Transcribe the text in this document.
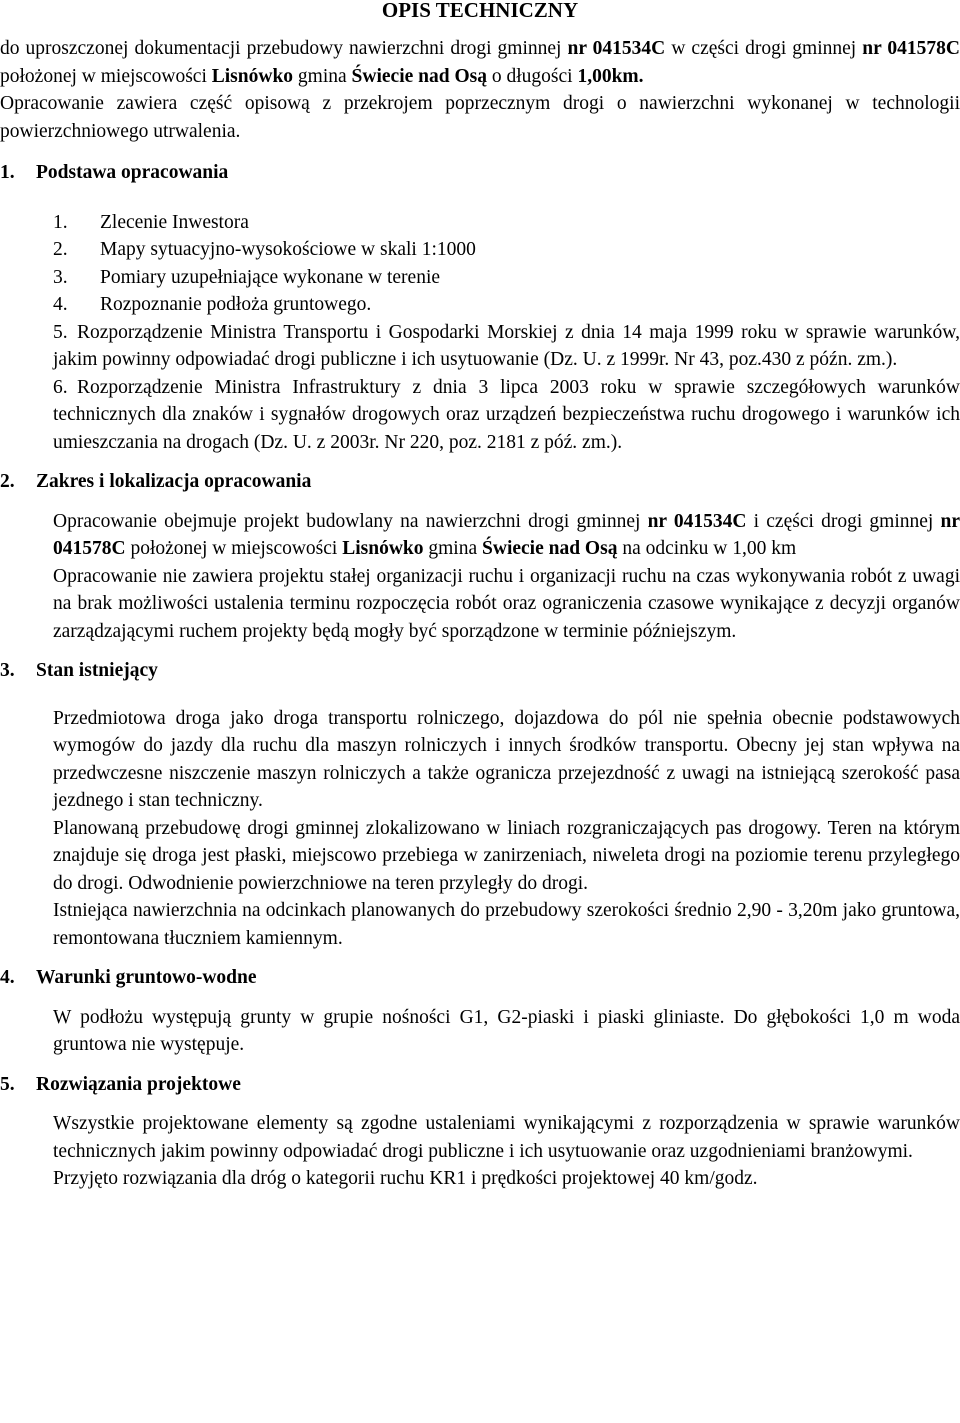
OPIS TECHNICZNY

do uproszczonej dokumentacji przebudowy nawierzchni drogi gminnej nr 041534C w części drogi gminnej nr 041578C położonej w miejscowości Lisnówko gmina Świecie nad Osą o długości 1,00km.

Opracowanie zawiera część opisową z przekrojem poprzecznym drogi o nawierzchni wykonanej w technologii powierzchniowego utrwalenia.

1. Podstawa opracowania

1. Zlecenie Inwestora
2. Mapy sytuacyjno-wysokościowe w skali 1:1000
3. Pomiary uzupełniające wykonane w terenie
4. Rozpoznanie podłoża gruntowego.
5. Rozporządzenie Ministra Transportu i Gospodarki Morskiej z dnia 14 maja 1999 roku w sprawie warunków, jakim powinny odpowiadać drogi publiczne i ich usytuowanie (Dz. U. z 1999r. Nr 43, poz.430 z późn. zm.).
6. Rozporządzenie Ministra Infrastruktury z dnia 3 lipca 2003 roku w sprawie szczegółowych warunków technicznych dla znaków i sygnałów drogowych oraz urządzeń bezpieczeństwa ruchu drogowego i warunków ich umieszczania na drogach (Dz. U. z 2003r. Nr 220, poz. 2181 z póź. zm.).

2. Zakres i lokalizacja opracowania

Opracowanie obejmuje projekt budowlany na nawierzchni drogi gminnej nr 041534C i części drogi gminnej nr 041578C położonej w miejscowości Lisnówko gmina Świecie nad Osą na odcinku w 1,00 km

Opracowanie nie zawiera projektu stałej organizacji ruchu i organizacji ruchu na czas wykonywania robót z uwagi na brak możliwości ustalenia terminu rozpoczęcia robót oraz ograniczenia czasowe wynikające z decyzji organów zarządzającymi ruchem projekty będą mogły być sporządzone w terminie późniejszym.

3. Stan istniejący

Przedmiotowa droga jako droga transportu rolniczego, dojazdowa do pól nie spełnia obecnie podstawowych wymogów do jazdy dla ruchu dla maszyn rolniczych i innych środków transportu. Obecny jej stan wpływa na przedwczesne niszczenie maszyn rolniczych a także ogranicza przejezdność z uwagi na istniejącą szerokość pasa jezdnego i stan techniczny.

Planowaną przebudowę drogi gminnej zlokalizowano w liniach rozgraniczających pas drogowy. Teren na którym znajduje się droga jest płaski, miejscowo przebiega w zanirzeniach, niweleta drogi na poziomie terenu przyległego do drogi. Odwodnienie powierzchniowe na teren przyległy do drogi.

Istniejąca nawierzchnia na odcinkach planowanych do przebudowy szerokości średnio 2,90 - 3,20m jako gruntowa, remontowana tłuczniem kamiennym.

4. Warunki gruntowo-wodne

W podłożu występują grunty w grupie nośności G1, G2-piaski i piaski gliniaste. Do głębokości 1,0 m woda gruntowa nie występuje.

5. Rozwiązania projektowe

Wszystkie projektowane elementy są zgodne ustaleniami wynikającymi z rozporządzenia w sprawie warunków technicznych jakim powinny odpowiadać drogi publiczne i ich usytuowanie oraz uzgodnieniami branżowymi.

Przyjęto rozwiązania dla dróg o kategorii ruchu KR1 i prędkości projektowej 40 km/godz.
